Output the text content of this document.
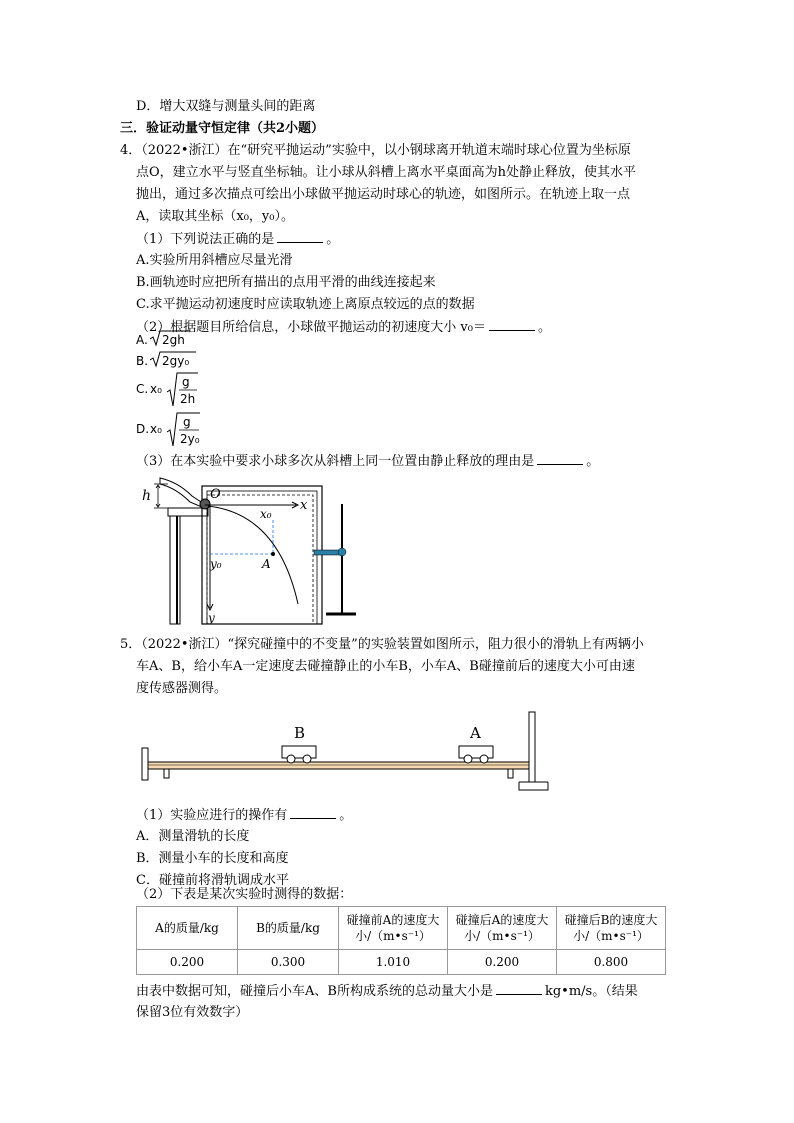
D．增大双缝与测量头间的距离
三．验证动量守恒定律（共2小题）
4．（2022•浙江）在“研究平抛运动”实验中，以小钢球离开轨道末端时球心位置为坐标原
点O，建立水平与竖直坐标轴。让小球从斜槽上离水平桌面高为h处静止释放，使其水平
抛出，通过多次描点可绘出小球做平抛运动时球心的轨迹，如图所示。在轨迹上取一点
A，读取其坐标（x₀，y₀）。
（1）下列说法正确的是	。
A.实验所用斜槽应尽量光滑
B.画轨迹时应把所有描出的点用平滑的曲线连接起来
C.求平抛运动初速度时应读取轨迹上离原点较远的点的数据
（2）根据题目所给信息，小球做平抛运动的初速度大小 v₀＝	。
A. 2gh
B. 2gy₀
C. x₀ g
2h
D. x₀ g
2y₀
（3）在本实验中要求小球多次从斜槽上同一位置由静止释放的理由是	。
h	O
x
x₀
y
y₀	A
5．（2022•浙江）“探究碰撞中的不变量”的实验装置如图所示，阻力很小的滑轨上有两辆小
车A、B，给小车A一定速度去碰撞静止的小车B，小车A、B碰撞前后的速度大小可由速
度传感器测得。
B	A
（1）实验应进行的操作有	。
A．测量滑轨的长度
B．测量小车的长度和高度
C．碰撞前将滑轨调成水平
（2）下表是某次实验时测得的数据：
A的质量/kg	B的质量/kg	碰撞前A的速度大
小/（m•s⁻¹）	碰撞后A的速度大
小/（m•s⁻¹）	碰撞后B的速度大
小/（m•s⁻¹）
0.200	0.300	1.010	0.200	0.800
由表中数据可知，碰撞后小车A、B所构成系统的总动量大小是	kg•m/s。（结果
保留3位有效数字）
